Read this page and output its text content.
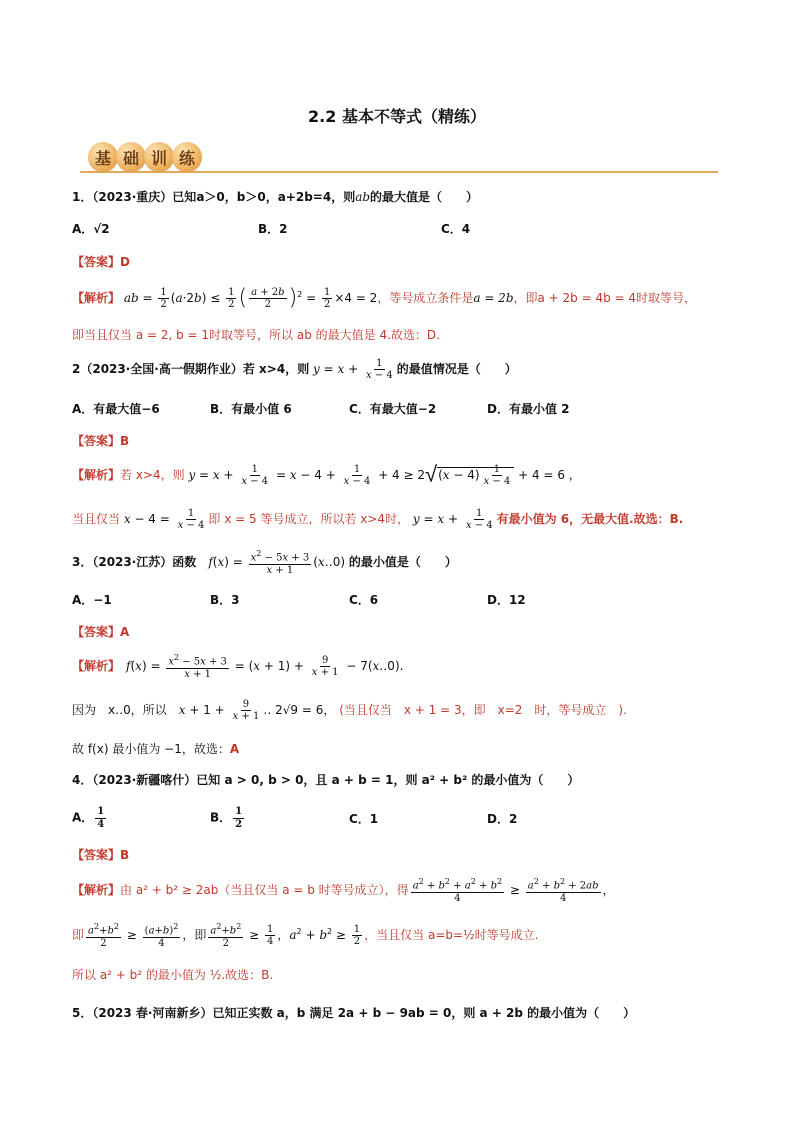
2.2 基本不等式（精练）
基 础 训 练
1．（2023·重庆）已知a＞0，b＞0，a+2b=4，则ab的最大值是（　　）
A．√2	B．2	C．4
【答案】D
【解析】 ab = $\frac{1}{2} (a\cdot 2b) \le \frac{1}{2}$ ( $\frac{a + 2b}{2} )^2 = \frac{1}{2} \times 4 = 2$，等号成立条件是a = 2b，即a + 2b = 4b = 4时取等号，
即当且仅当 a = 2, b = 1时取等号，所以 ab 的最大值是 4.故选：D.
2（2023·全国·高一假期作业）若 x>4，则 $y = x + \frac{1}{x - 4}$ 的最值情况是（　　）
A．有最大值−6	B．有最小值 6	C．有最大值−2	D．有最小值 2
【答案】B
【解析】若 x>4，则 $y = x + \frac{1}{x - 4} = x - 4 + \frac{1}{x - 4} + 4 \ge 2√(x - 4) \frac{1}{x - 4} + 4 = 6$ ，
当且仅当 $x - 4 = \frac{1}{x - 4}$ 即 x = 5 等号成立，所以若 x>4时， $y = x + \frac{1}{x - 4}$ 有最小值为 6，无最大值.故选：B.
3．（2023·江苏）函数　 $f(x) = \frac{x^2 - 5x + 3}{x + 1}$ (x‥0) 的最小值是（　　）
A．−1	B．3	C．6	D．12
【答案】A
【解析】　 $f(x) = \frac{x^2 - 5x + 3}{x + 1} = (x + 1) + \frac{9}{x + 1}$ − 7(x‥0).
因为　x‥0，所以　 $x + 1 + \frac{9}{x + 1}$ ‥ 2√9 = 6， (当且仅当　x + 1 = 3，即　x=2　时，等号成立　).
故 f(x) 最小值为 −1，故选：A
4．（2023·新疆喀什）已知 a > 0, b > 0，且 a + b = 1，则 a² + b² 的最小值为（　　）
A． $\frac{1}{4}$	B． $\frac{1}{2}$	C．1	D．2
【答案】B
【解析】由 a² + b² ≥ 2ab（当且仅当 a = b 时等号成立），得 $\frac{a^2 + b^2 + a^2 + b^2}{4} \ge \frac{a^2 + b^2 + 2ab}{4}$ ，
即 $\frac{a^2+b^2}{2} \ge \frac{(a+b)^2}{4}$ ，即 $\frac{a^2+b^2}{2} \ge \frac{1}{4}$ ，$a^2 + b^2 \ge \frac{1}{2}$ ，当且仅当 a=b=½时等号成立.
所以 a² + b² 的最小值为 ½.故选：B.
5．（2023 春·河南新乡）已知正实数 a，b 满足 2a + b − 9ab = 0，则 a + 2b 的最小值为（　　）
